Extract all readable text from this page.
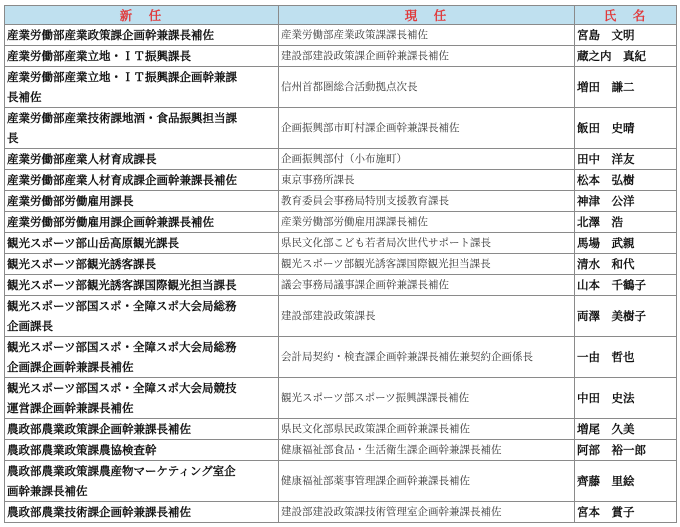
新　任	現　任	氏　名
産業労働部産業政策課企画幹兼課長補佐	産業労働部産業政策課課長補佐	宮島　文明
産業労働部産業立地・ＩＴ振興課長	建設部建設政策課企画幹兼課長補佐	蔵之内　真紀
産業労働部産業立地・ＩＴ振興課企画幹兼課
長補佐	信州首都圏総合活動拠点次長	増田　謙二
産業労働部産業技術課地酒・食品振興担当課
長	企画振興部市町村課企画幹兼課長補佐	飯田　史晴
産業労働部産業人材育成課長	企画振興部付（小布施町）	田中　洋友
産業労働部産業人材育成課企画幹兼課長補佐	東京事務所課長	松本　弘樹
産業労働部労働雇用課長	教育委員会事務局特別支援教育課長	神津　公洋
産業労働部労働雇用課企画幹兼課長補佐	産業労働部労働雇用課課長補佐	北澤　浩
観光スポーツ部山岳高原観光課長	県民文化部こども若者局次世代サポート課長	馬場　武親
観光スポーツ部観光誘客課長	観光スポーツ部観光誘客課国際観光担当課長	清水　和代
観光スポーツ部観光誘客課国際観光担当課長	議会事務局議事課企画幹兼課長補佐	山本　千鶴子
観光スポーツ部国スポ・全障スポ大会局総務
企画課長	建設部建設政策課長	両澤　美樹子
観光スポーツ部国スポ・全障スポ大会局総務
企画課企画幹兼課長補佐	会計局契約・検査課企画幹兼課長補佐兼契約企画係長	一由　哲也
観光スポーツ部国スポ・全障スポ大会局競技
運営課企画幹兼課長補佐	観光スポーツ部スポーツ振興課課長補佐	中田　史法
農政部農業政策課企画幹兼課長補佐	県民文化部県民政策課企画幹兼課長補佐	増尾　久美
農政部農業政策課農協検査幹	健康福祉部食品・生活衛生課企画幹兼課長補佐	阿部　裕一郎
農政部農業政策課農産物マーケティング室企
画幹兼課長補佐	健康福祉部薬事管理課企画幹兼課長補佐	齊藤　里絵
農政部農業技術課企画幹兼課長補佐	建設部建設政策課技術管理室企画幹兼課長補佐	宮本　賞子
